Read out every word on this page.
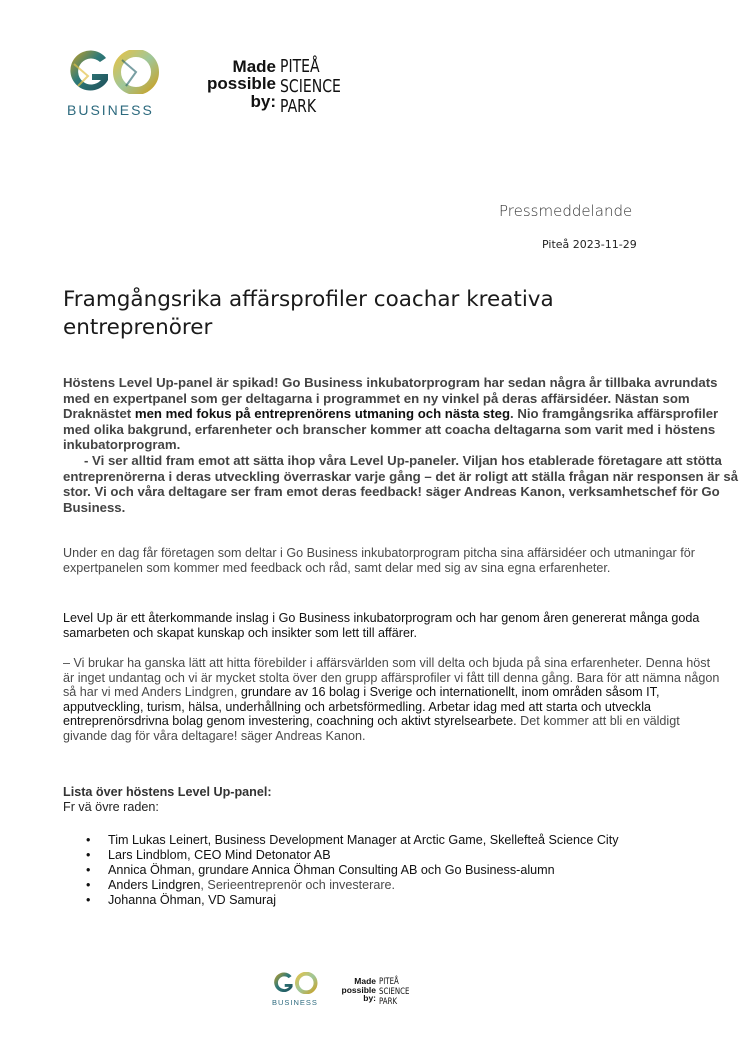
BUSINESS
Made
possible
by:
PITEÅ
SCIENCE
PARK
Pressmeddelande
Piteå 2023-11-29
Framgångsrika affärsprofiler coachar kreativa entreprenörer

Höstens Level Up-panel är spikad! Go Business inkubatorprogram har sedan några år tillbaka avrundats med en expertpanel som ger deltagarna i programmet en ny vinkel på deras affärsidéer. Nästan som Draknästet men med fokus på entreprenörens utmaning och nästa steg. Nio framgångsrika affärsprofiler med olika bakgrund, erfarenheter och branscher kommer att coacha deltagarna som varit med i höstens inkubatorprogram.
- Vi ser alltid fram emot att sätta ihop våra Level Up-paneler. Viljan hos etablerade företagare att stötta entreprenörerna i deras utveckling överraskar varje gång – det är roligt att ställa frågan när responsen är så stor. Vi och våra deltagare ser fram emot deras feedback! säger Andreas Kanon, verksamhetschef för Go Business.

Under en dag får företagen som deltar i Go Business inkubatorprogram pitcha sina affärsidéer och utmaningar för expertpanelen som kommer med feedback och råd, samt delar med sig av sina egna erfarenheter.

Level Up är ett återkommande inslag i Go Business inkubatorprogram och har genom åren genererat många goda samarbeten och skapat kunskap och insikter som lett till affärer.

– Vi brukar ha ganska lätt att hitta förebilder i affärsvärlden som vill delta och bjuda på sina erfarenheter. Denna höst är inget undantag och vi är mycket stolta över den grupp affärsprofiler vi fått till denna gång. Bara för att nämna någon så har vi med Anders Lindgren, grundare av 16 bolag i Sverige och internationellt, inom områden såsom IT, apputveckling, turism, hälsa, underhållning och arbetsförmedling. Arbetar idag med att starta och utveckla entreprenörsdrivna bolag genom investering, coachning och aktivt styrelsearbete. Det kommer att bli en väldigt givande dag för våra deltagare! säger Andreas Kanon.

Lista över höstens Level Up-panel:
Fr vä övre raden:

• Tim Lukas Leinert, Business Development Manager at Arctic Game, Skellefteå Science City
• Lars Lindblom, CEO Mind Detonator AB
• Annica Öhman, grundare Annica Öhman Consulting AB och Go Business-alumn
• Anders Lindgren, Serieentreprenör och investerare.
• Johanna Öhman, VD Samuraj
BUSINESS
Made
possible
by:
PITEÅ
SCIENCE
PARK
